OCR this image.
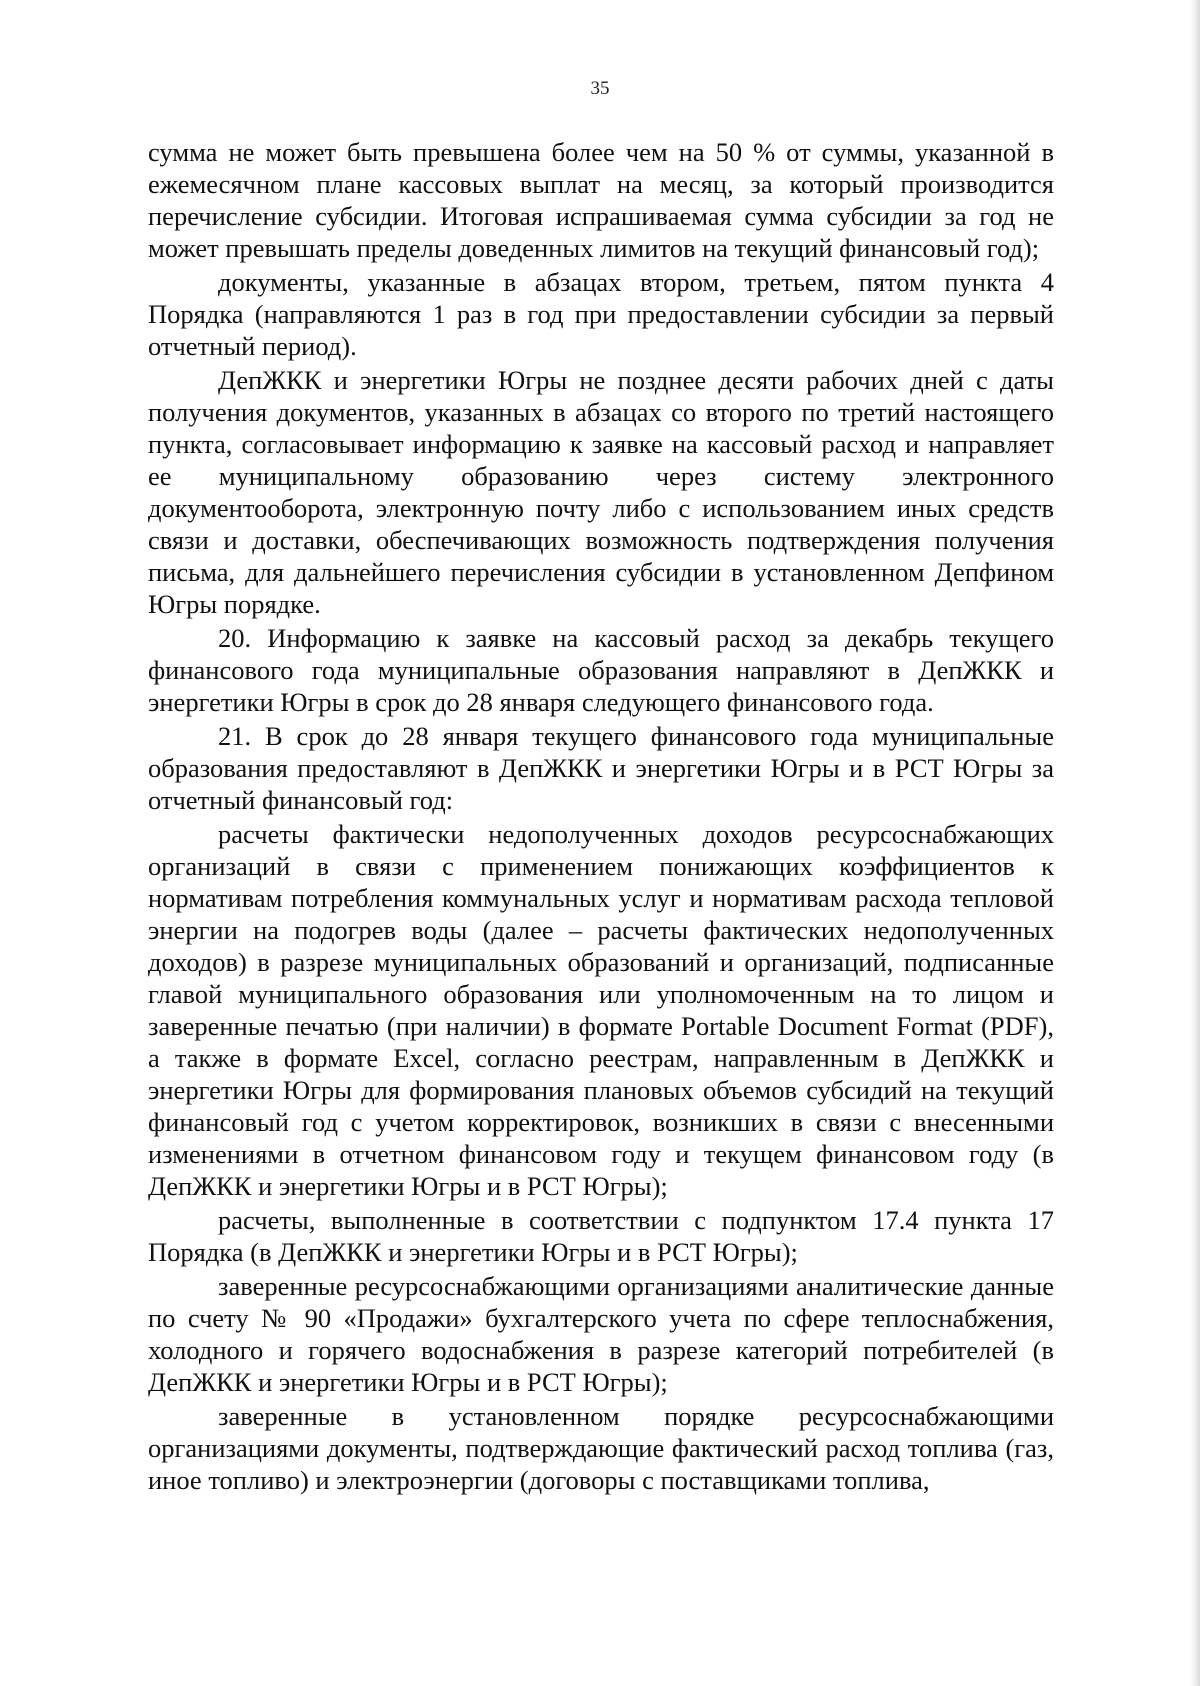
35

сумма не может быть превышена более чем на 50 % от суммы, указанной в ежемесячном плане кассовых выплат на месяц, за который производится перечисление субсидии. Итоговая испрашиваемая сумма субсидии за год не может превышать пределы доведенных лимитов на текущий финансовый год);

документы, указанные в абзацах втором, третьем, пятом пункта 4 Порядка (направляются 1 раз в год при предоставлении субсидии за первый отчетный период).

ДепЖКК и энергетики Югры не позднее десяти рабочих дней с даты получения документов, указанных в абзацах со второго по третий настоящего пункта, согласовывает информацию к заявке на кассовый расход и направляет ее муниципальному образованию через систему электронного документооборота, электронную почту либо с использованием иных средств связи и доставки, обеспечивающих возможность подтверждения получения письма, для дальнейшего перечисления субсидии в установленном Депфином Югры порядке.

20. Информацию к заявке на кассовый расход за декабрь текущего финансового года муниципальные образования направляют в ДепЖКК и энергетики Югры в срок до 28 января следующего финансового года.

21. В срок до 28 января текущего финансового года муниципальные образования предоставляют в ДепЖКК и энергетики Югры и в РСТ Югры за отчетный финансовый год:

расчеты фактически недополученных доходов ресурсоснабжающих организаций в связи с применением понижающих коэффициентов к нормативам потребления коммунальных услуг и нормативам расхода тепловой энергии на подогрев воды (далее – расчеты фактических недополученных доходов) в разрезе муниципальных образований и организаций, подписанные главой муниципального образования или уполномоченным на то лицом и заверенные печатью (при наличии) в формате Portable Document Format (PDF), а также в формате Excel, согласно реестрам, направленным в ДепЖКК и энергетики Югры для формирования плановых объемов субсидий на текущий финансовый год с учетом корректировок, возникших в связи с внесенными изменениями в отчетном финансовом году и текущем финансовом году (в ДепЖКК и энергетики Югры и в РСТ Югры);

расчеты, выполненные в соответствии с подпунктом 17.4 пункта 17 Порядка (в ДепЖКК и энергетики Югры и в РСТ Югры);

заверенные ресурсоснабжающими организациями аналитические данные по счету № 90 «Продажи» бухгалтерского учета по сфере теплоснабжения, холодного и горячего водоснабжения в разрезе категорий потребителей (в ДепЖКК и энергетики Югры и в РСТ Югры);

заверенные в установленном порядке ресурсоснабжающими организациями документы, подтверждающие фактический расход топлива (газ, иное топливо) и электроэнергии (договоры с поставщиками топлива,
